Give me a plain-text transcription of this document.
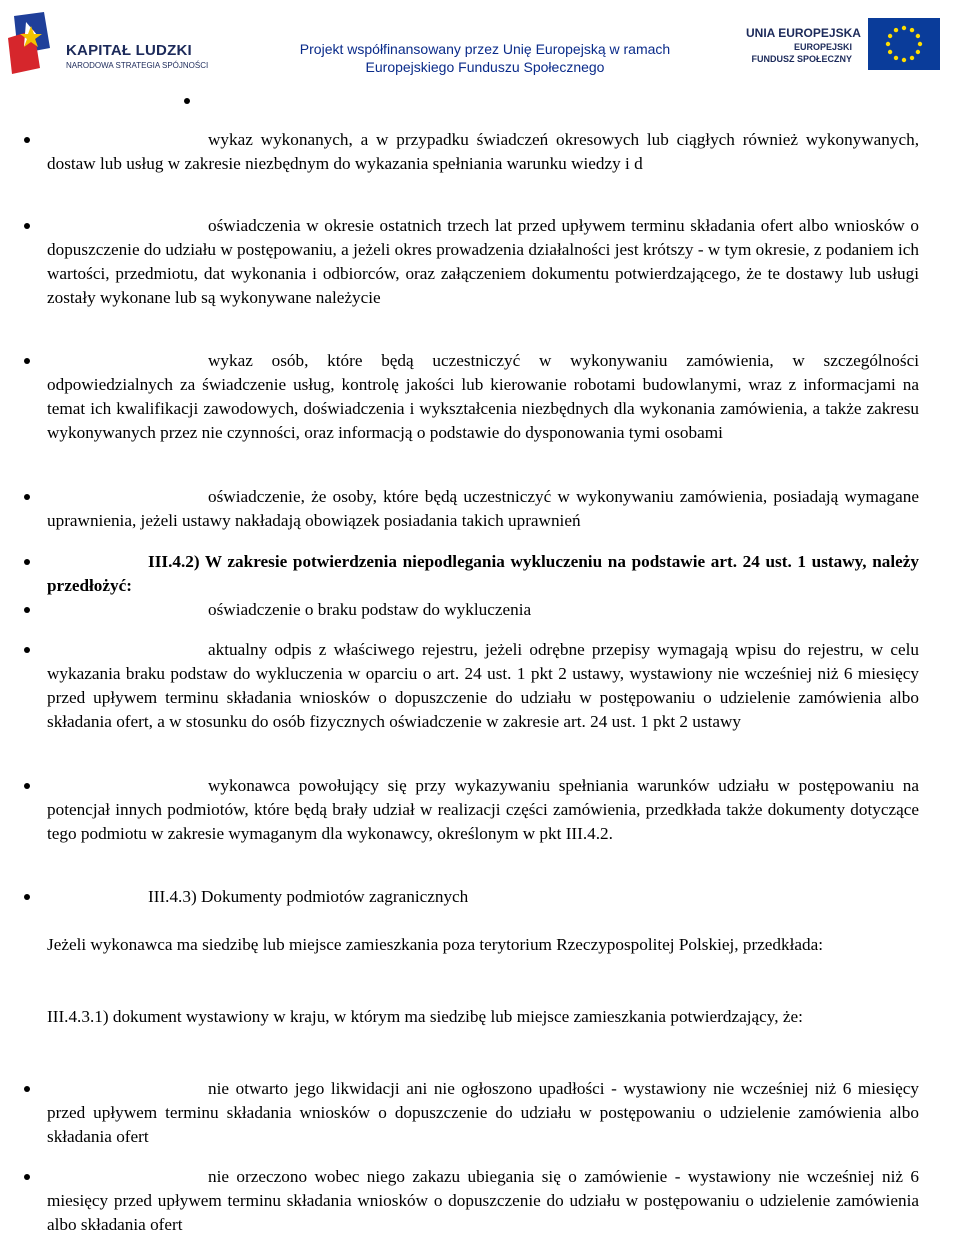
KAPITAŁ LUDZKI
NARODOWA STRATEGIA SPÓJNOŚCI
Projekt współfinansowany przez Unię Europejską w ramach
Europejskiego Funduszu Społecznego
UNIA EUROPEJSKA
EUROPEJSKI
FUNDUSZ SPOŁECZNY
wykaz wykonanych, a w przypadku świadczeń okresowych lub ciągłych również wykonywanych, dostaw lub usług w zakresie niezbędnym do wykazania spełniania warunku wiedzy i d
oświadczenia w okresie ostatnich trzech lat przed upływem terminu składania ofert albo wniosków o dopuszczenie do udziału w postępowaniu, a jeżeli okres prowadzenia działalności jest krótszy - w tym okresie, z podaniem ich wartości, przedmiotu, dat wykonania i odbiorców, oraz załączeniem dokumentu potwierdzającego, że te dostawy lub usługi zostały wykonane lub są wykonywane należycie
wykaz osób, które będą uczestniczyć w wykonywaniu zamówienia, w szczególności odpowiedzialnych za świadczenie usług, kontrolę jakości lub kierowanie robotami budowlanymi, wraz z informacjami na temat ich kwalifikacji zawodowych, doświadczenia i wykształcenia niezbędnych dla wykonania zamówienia, a także zakresu wykonywanych przez nie czynności, oraz informacją o podstawie do dysponowania tymi osobami
oświadczenie, że osoby, które będą uczestniczyć w wykonywaniu zamówienia, posiadają wymagane uprawnienia, jeżeli ustawy nakładają obowiązek posiadania takich uprawnień
III.4.2) W zakresie potwierdzenia niepodlegania wykluczeniu na podstawie art. 24 ust. 1 ustawy, należy przedłożyć:
oświadczenie o braku podstaw do wykluczenia
aktualny odpis z właściwego rejestru, jeżeli odrębne przepisy wymagają wpisu do rejestru, w celu wykazania braku podstaw do wykluczenia w oparciu o art. 24 ust. 1 pkt 2 ustawy, wystawiony nie wcześniej niż 6 miesięcy przed upływem terminu składania wniosków o dopuszczenie do udziału w postępowaniu o udzielenie zamówienia albo składania ofert, a w stosunku do osób fizycznych oświadczenie w zakresie art. 24 ust. 1 pkt 2 ustawy
wykonawca powołujący się przy wykazywaniu spełniania warunków udziału w postępowaniu na potencjał innych podmiotów, które będą brały udział w realizacji części zamówienia, przedkłada także dokumenty dotyczące tego podmiotu w zakresie wymaganym dla wykonawcy, określonym w pkt III.4.2.
III.4.3) Dokumenty podmiotów zagranicznych
Jeżeli wykonawca ma siedzibę lub miejsce zamieszkania poza terytorium Rzeczypospolitej Polskiej, przedkłada:
III.4.3.1) dokument wystawiony w kraju, w którym ma siedzibę lub miejsce zamieszkania potwierdzający, że:
nie otwarto jego likwidacji ani nie ogłoszono upadłości - wystawiony nie wcześniej niż 6 miesięcy przed upływem terminu składania wniosków o dopuszczenie do udziału w postępowaniu o udzielenie zamówienia albo składania ofert
nie orzeczono wobec niego zakazu ubiegania się o zamówienie - wystawiony nie wcześniej niż 6 miesięcy przed upływem terminu składania wniosków o dopuszczenie do udziału w postępowaniu o udzielenie zamówienia albo składania ofert
